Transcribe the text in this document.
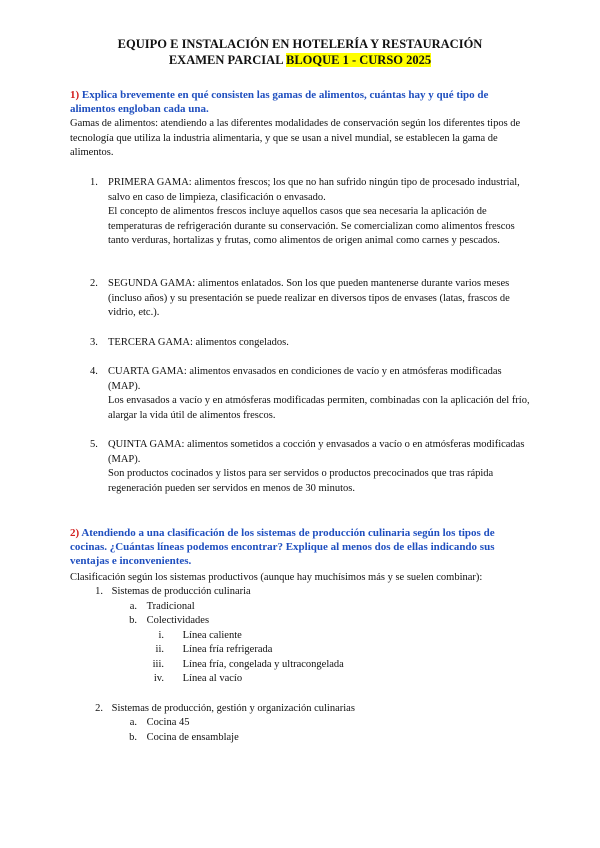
EQUIPO E INSTALACIÓN EN HOTELERÍA Y RESTAURACIÓN
EXAMEN PARCIAL BLOQUE 1 - CURSO 2025
1) Explica brevemente en qué consisten las gamas de alimentos, cuántas hay y qué tipo de alimentos engloban cada una.
Gamas de alimentos: atendiendo a las diferentes modalidades de conservación según los diferentes tipos de tecnología que utiliza la industria alimentaria, y que se usan a nivel mundial, se establecen la gama de alimentos.
1. PRIMERA GAMA: alimentos frescos; los que no han sufrido ningún tipo de procesado industrial, salvo en caso de limpieza, clasificación o envasado.
El concepto de alimentos frescos incluye aquellos casos que sea necesaria la aplicación de temperaturas de refrigeración durante su conservación. Se comercializan como alimentos frescos tanto verduras, hortalizas y frutas, como alimentos de origen animal como carnes y pescados.
2. SEGUNDA GAMA: alimentos enlatados. Son los que pueden mantenerse durante varios meses (incluso años) y su presentación se puede realizar en diversos tipos de envases (latas, frascos de vidrio, etc.).
3. TERCERA GAMA: alimentos congelados.
4. CUARTA GAMA: alimentos envasados en condiciones de vacío y en atmósferas modificadas (MAP).
Los envasados a vacío y en atmósferas modificadas permiten, combinadas con la aplicación del frío, alargar la vida útil de alimentos frescos.
5. QUINTA GAMA: alimentos sometidos a cocción y envasados a vacío o en atmósferas modificadas (MAP).
Son productos cocinados y listos para ser servidos o productos precocinados que tras rápida regeneración pueden ser servidos en menos de 30 minutos.
2) Atendiendo a una clasificación de los sistemas de producción culinaria según los tipos de cocinas. ¿Cuántas líneas podemos encontrar? Explique al menos dos de ellas indicando sus ventajas e inconvenientes.
Clasificación según los sistemas productivos (aunque hay muchísimos más y se suelen combinar):
1. Sistemas de producción culinaria
a. Tradicional
b. Colectividades
i. Línea caliente
ii. Línea fría refrigerada
iii. Línea fría, congelada y ultracongelada
iv. Línea al vacío
2. Sistemas de producción, gestión y organización culinarias
a. Cocina 45
b. Cocina de ensamblaje
